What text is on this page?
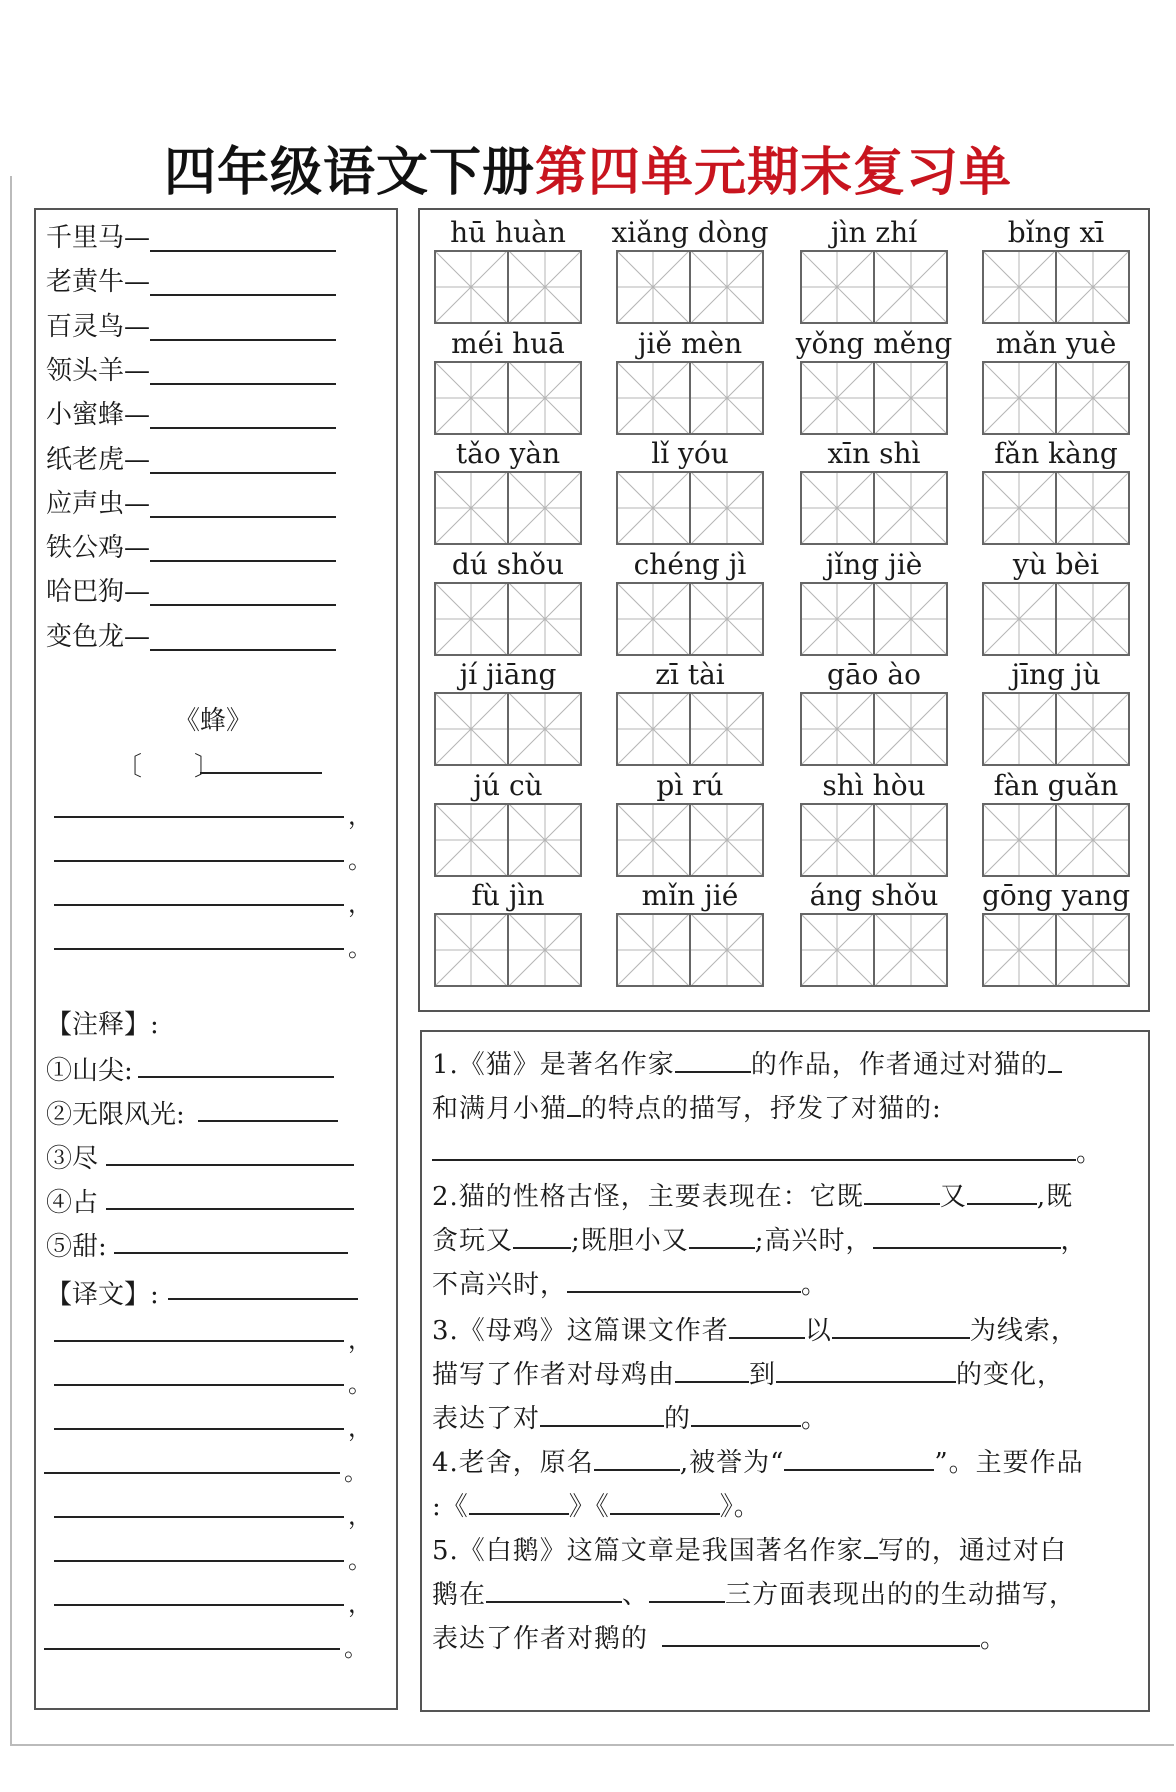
四年级语文下册第四单元期末复习单
千里马—
老黄牛—
百灵鸟—
领头羊—
小蜜蜂—
纸老虎—
应声虫—
铁公鸡—
哈巴狗—
变色龙—
《蜂》
〔　　〕
，
。
，
。
【注释】:
①山尖:
②无限风光:
③尽
④占
⑤甜:
【译文】:
，
。
，
。
，
。
，
。
hū huàn	xiǎng dòng	jìn zhí	bǐng xī
méi huā	jiě mèn	yǒng měng	mǎn yuè
tǎo yàn	lǐ yóu	xīn shì	fǎn kàng
dú shǒu	chéng jì	jǐng jiè	yù bèi
jí jiāng	zī tài	gāo ào	jīng jù
jú cù	pì rú	shì hòu	fàn guǎn
fù jìn	mǐn jié	áng shǒu	gōng yang
1.《猫》是著名作家	的作品，作者通过对猫的
和满月小猫 的特点的描写，抒发了对猫的:
。
2.猫的性格古怪，主要表现在：它既	又	,既
贪玩又 ;既胆小又	;高兴时，	，
不高兴时，	。
3.《母鸡》这篇课文作者	以	为线索，
描写了作者对母鸡由	到	的变化，
表达了对	的	。
4.老舍，原名	,被誉为“	”。主要作品
:《	》《	》。
5.《白鹅》这篇文章是我国著名作家 写的，通过对白
鹅在	、	三方面表现出的的生动描写，
表达了作者对鹅的	。
